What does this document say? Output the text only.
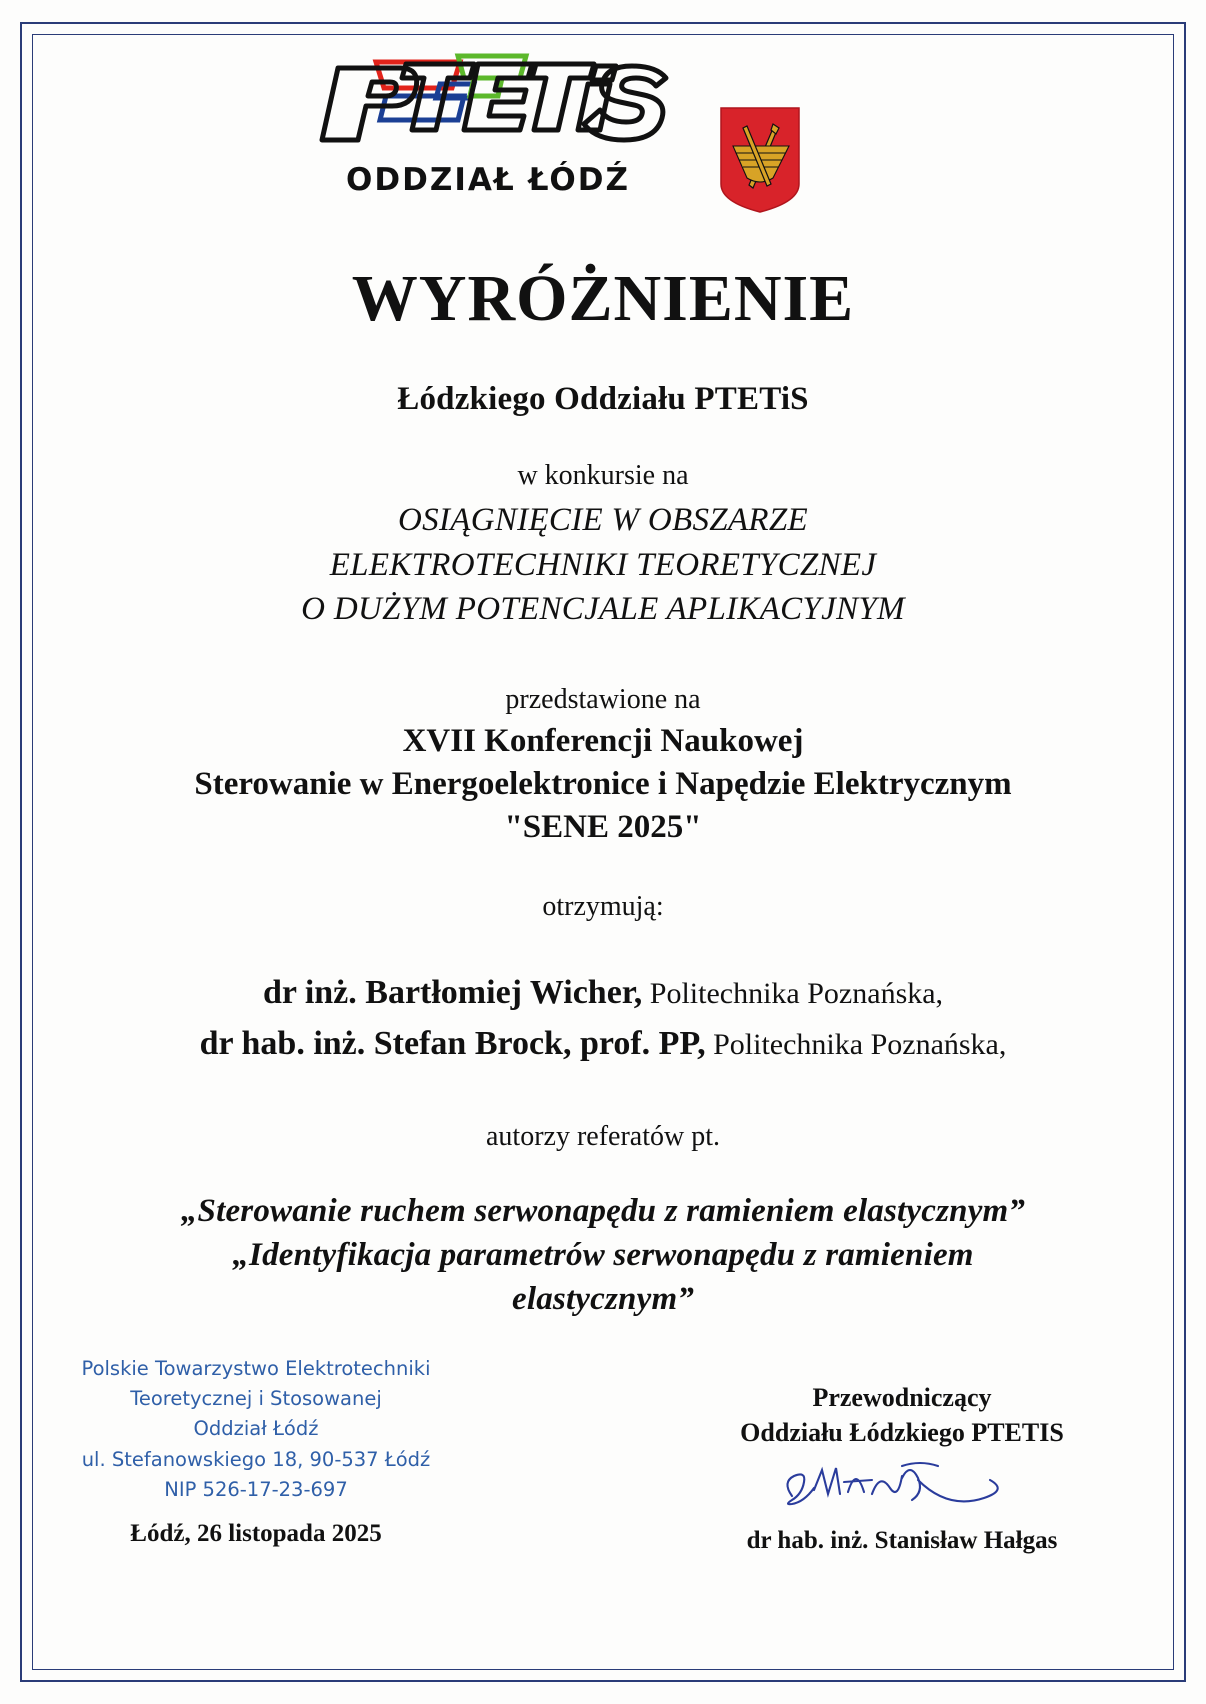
ODDZIAŁ ŁÓDŹ
WYRÓŻNIENIE
Łódzkiego Oddziału PTETiS
w konkursie na
OSIĄGNIĘCIE W OBSZARZE
ELEKTROTECHNIKI TEORETYCZNEJ
O DUŻYM POTENCJALE APLIKACYJNYM
przedstawione na
XVII Konferencji Naukowej
Sterowanie w Energoelektronice i Napędzie Elektrycznym
"SENE 2025"
otrzymują:
dr inż. Bartłomiej Wicher, Politechnika Poznańska,
dr hab. inż. Stefan Brock, prof. PP, Politechnika Poznańska,
autorzy referatów pt.
„Sterowanie ruchem serwonapędu z ramieniem elastycznym”
„Identyfikacja parametrów serwonapędu z ramieniem
elastycznym”
Polskie Towarzystwo Elektrotechniki
Teoretycznej i Stosowanej
Oddział Łódź
ul. Stefanowskiego 18, 90-537 Łódź
NIP 526-17-23-697
Łódź, 26 listopada 2025
Przewodniczący
Oddziału Łódzkiego PTETIS
dr hab. inż. Stanisław Hałgas
